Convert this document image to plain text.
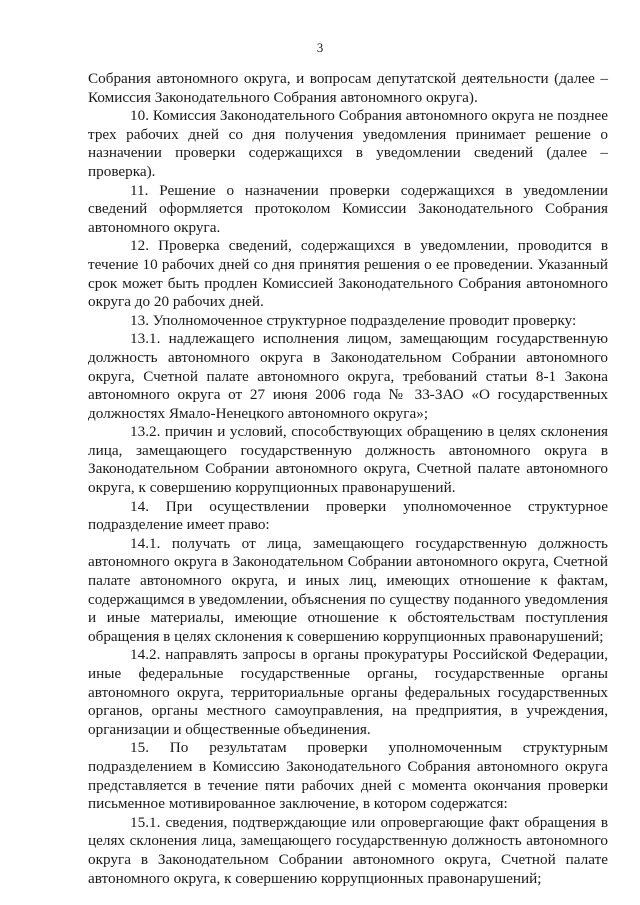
3

Собрания автономного округа, и вопросам депутатской деятельности (далее – Комиссия Законодательного Собрания автономного округа).

10. Комиссия Законодательного Собрания автономного округа не позднее трех рабочих дней со дня получения уведомления принимает решение о назначении проверки содержащихся в уведомлении сведений (далее – проверка).

11. Решение о назначении проверки содержащихся в уведомлении сведений оформляется протоколом Комиссии Законодательного Собрания автономного округа.

12. Проверка сведений, содержащихся в уведомлении, проводится в течение 10 рабочих дней со дня принятия решения о ее проведении. Указанный срок может быть продлен Комиссией Законодательного Собрания автономного округа до 20 рабочих дней.

13. Уполномоченное структурное подразделение проводит проверку:

13.1. надлежащего исполнения лицом, замещающим государственную должность автономного округа в Законодательном Собрании автономного округа, Счетной палате автономного округа, требований статьи 8-1 Закона автономного округа от 27 июня 2006 года № 33-ЗАО «О государственных должностях Ямало-Ненецкого автономного округа»;

13.2. причин и условий, способствующих обращению в целях склонения лица, замещающего государственную должность автономного округа в Законодательном Собрании автономного округа, Счетной палате автономного округа, к совершению коррупционных правонарушений.

14. При осуществлении проверки уполномоченное структурное подразделение имеет право:

14.1. получать от лица, замещающего государственную должность автономного округа в Законодательном Собрании автономного округа, Счетной палате автономного округа, и иных лиц, имеющих отношение к фактам, содержащимся в уведомлении, объяснения по существу поданного уведомления и иные материалы, имеющие отношение к обстоятельствам поступления обращения в целях склонения к совершению коррупционных правонарушений;

14.2. направлять запросы в органы прокуратуры Российской Федерации, иные федеральные государственные органы, государственные органы автономного округа, территориальные органы федеральных государственных органов, органы местного самоуправления, на предприятия, в учреждения, организации и общественные объединения.

15. По результатам проверки уполномоченным структурным подразделением в Комиссию Законодательного Собрания автономного округа представляется в течение пяти рабочих дней с момента окончания проверки письменное мотивированное заключение, в котором содержатся:

15.1. сведения, подтверждающие или опровергающие факт обращения в целях склонения лица, замещающего государственную должность автономного округа в Законодательном Собрании автономного округа, Счетной палате автономного округа, к совершению коррупционных правонарушений;
